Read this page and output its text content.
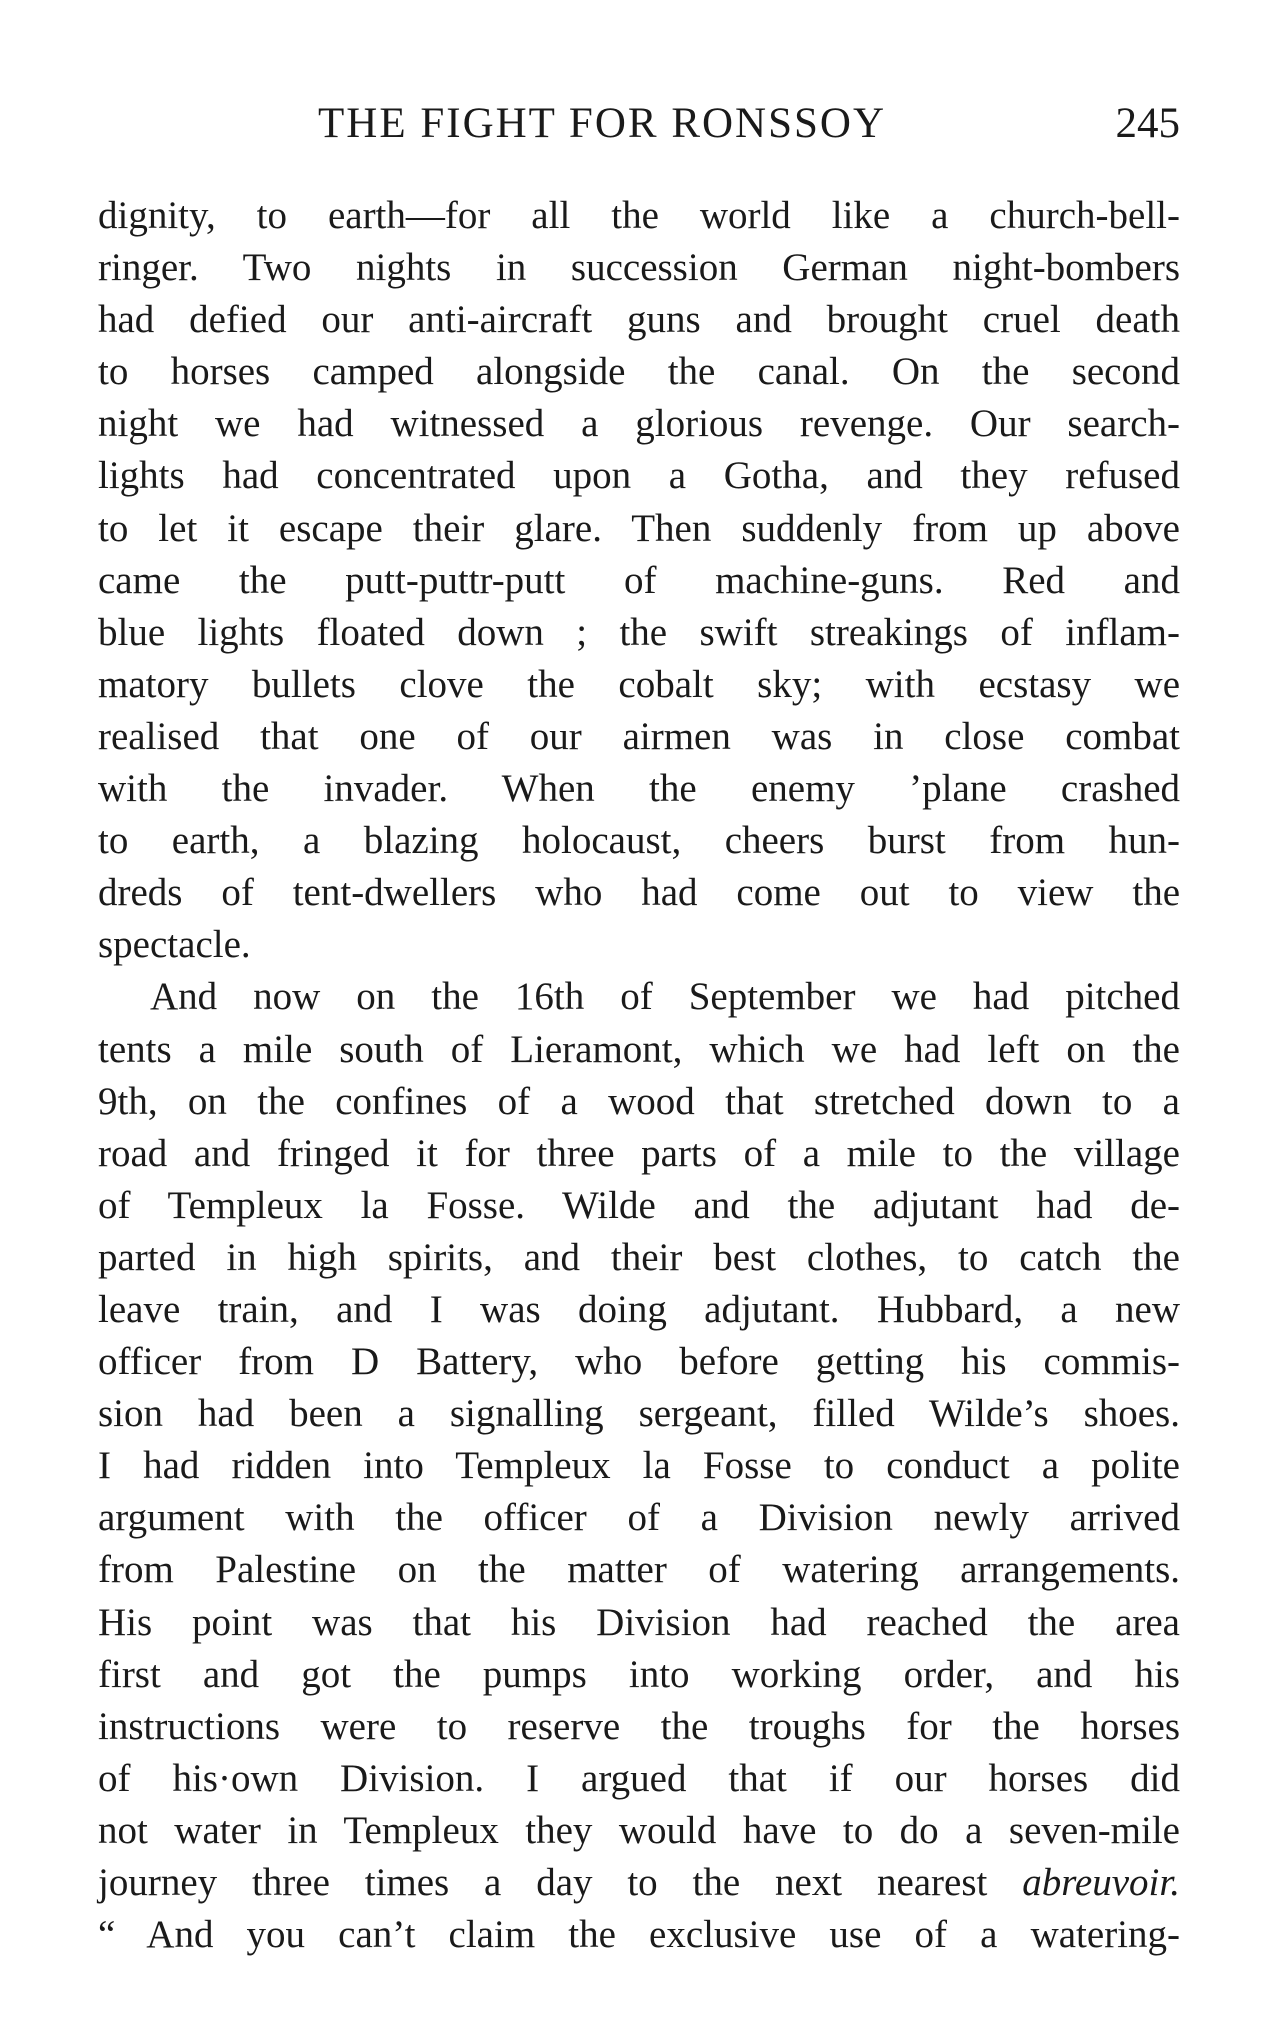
THE FIGHT FOR RONSSOY	245
dignity, to earth—for all the world like a church-bell-
ringer. Two nights in succession German night-bombers
had defied our anti-aircraft guns and brought cruel death
to horses camped alongside the canal. On the second
night we had witnessed a glorious revenge. Our search-
lights had concentrated upon a Gotha, and they refused
to let it escape their glare. Then suddenly from up above
came the putt-puttr-putt of machine-guns. Red and
blue lights floated down ; the swift streakings of inflam-
matory bullets clove the cobalt sky; with ecstasy we
realised that one of our airmen was in close combat
with the invader. When the enemy ’plane crashed
to earth, a blazing holocaust, cheers burst from hun-
dreds of tent-dwellers who had come out to view the
spectacle.
And now on the 16th of September we had pitched
tents a mile south of Lieramont, which we had left on the
9th, on the confines of a wood that stretched down to a
road and fringed it for three parts of a mile to the village
of Templeux la Fosse. Wilde and the adjutant had de-
parted in high spirits, and their best clothes, to catch the
leave train, and I was doing adjutant. Hubbard, a new
officer from D Battery, who before getting his commis-
sion had been a signalling sergeant, filled Wilde’s shoes.
I had ridden into Templeux la Fosse to conduct a polite
argument with the officer of a Division newly arrived
from Palestine on the matter of watering arrangements.
His point was that his Division had reached the area
first and got the pumps into working order, and his
instructions were to reserve the troughs for the horses
of his·own Division. I argued that if our horses did
not water in Templeux they would have to do a seven-mile
journey three times a day to the next nearest abreuvoir.
“ And you can’t claim the exclusive use of a watering-
